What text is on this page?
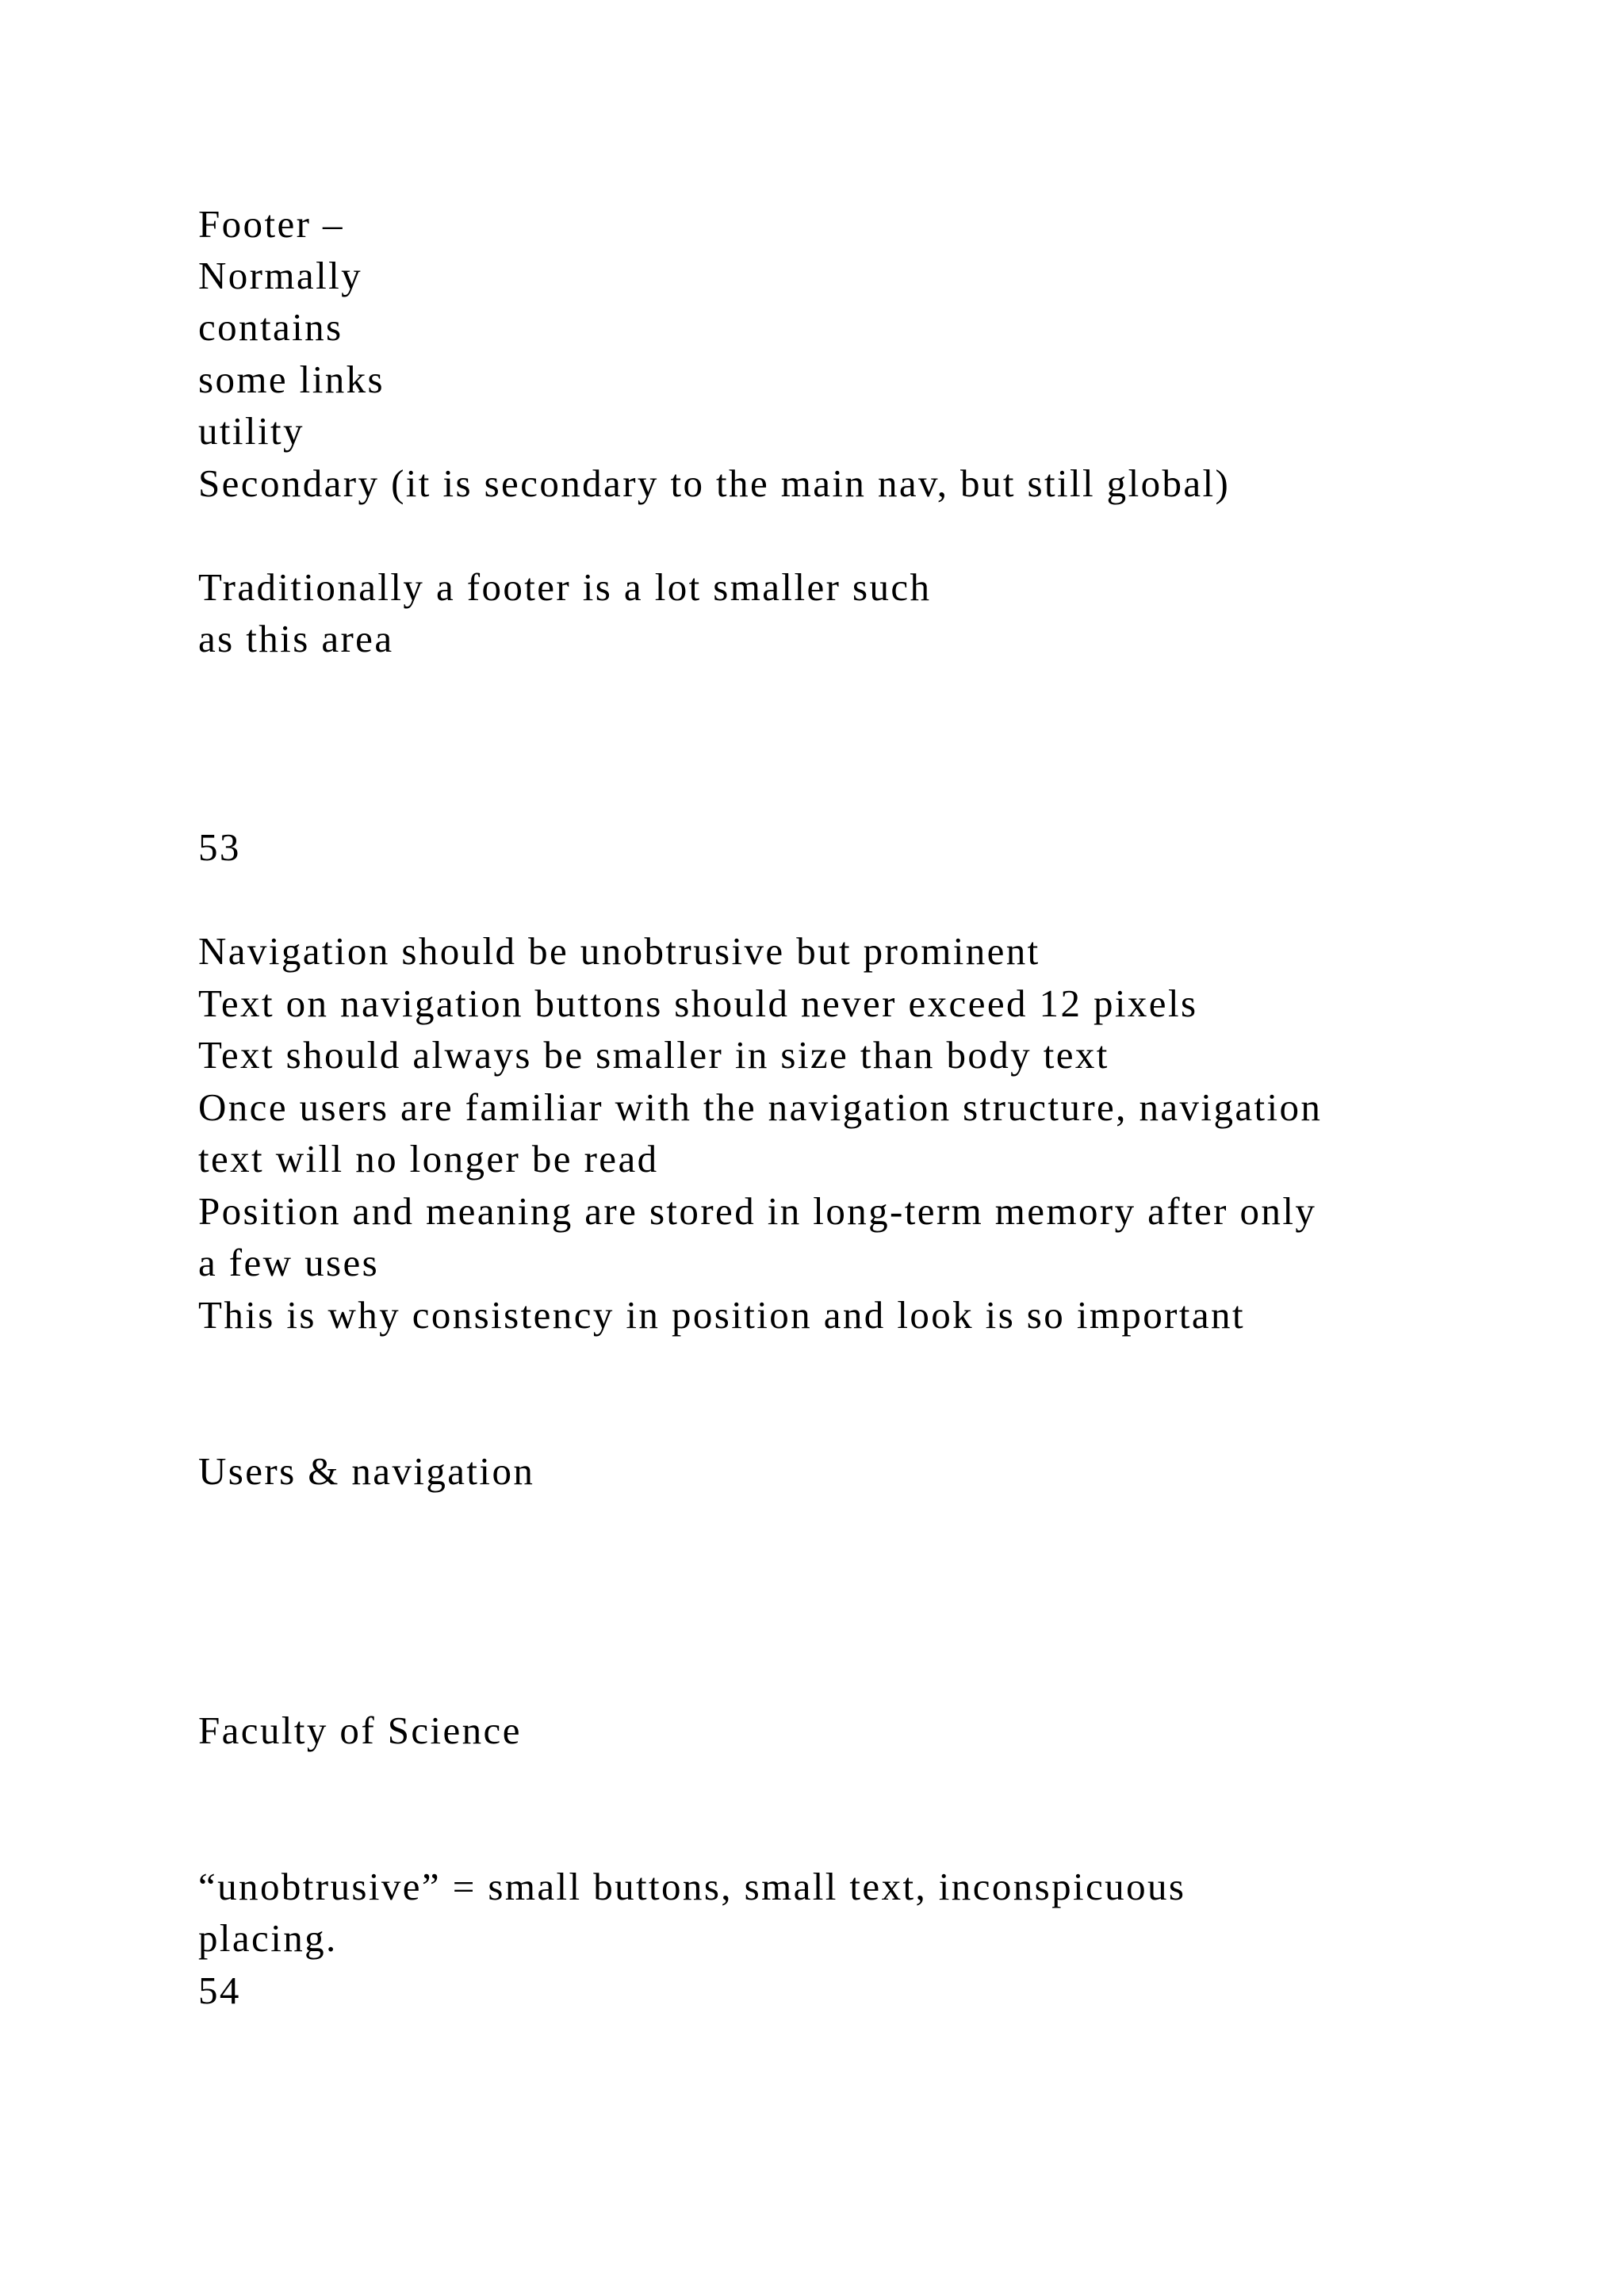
Footer –

Normally

contains

some links

utility

Secondary (it is secondary to the main nav, but still global)

Traditionally a footer is a lot smaller such

as this area

53

Navigation should be unobtrusive but prominent

Text on navigation buttons should never exceed 12 pixels

Text should always be smaller in size than body text

Once users are familiar with the navigation structure, navigation

text will no longer be read

Position and meaning are stored in long-term memory after only

a few uses

This is why consistency in position and look is so important

Users & navigation

Faculty of Science

“unobtrusive” = small buttons, small text, inconspicuous

placing.

54
